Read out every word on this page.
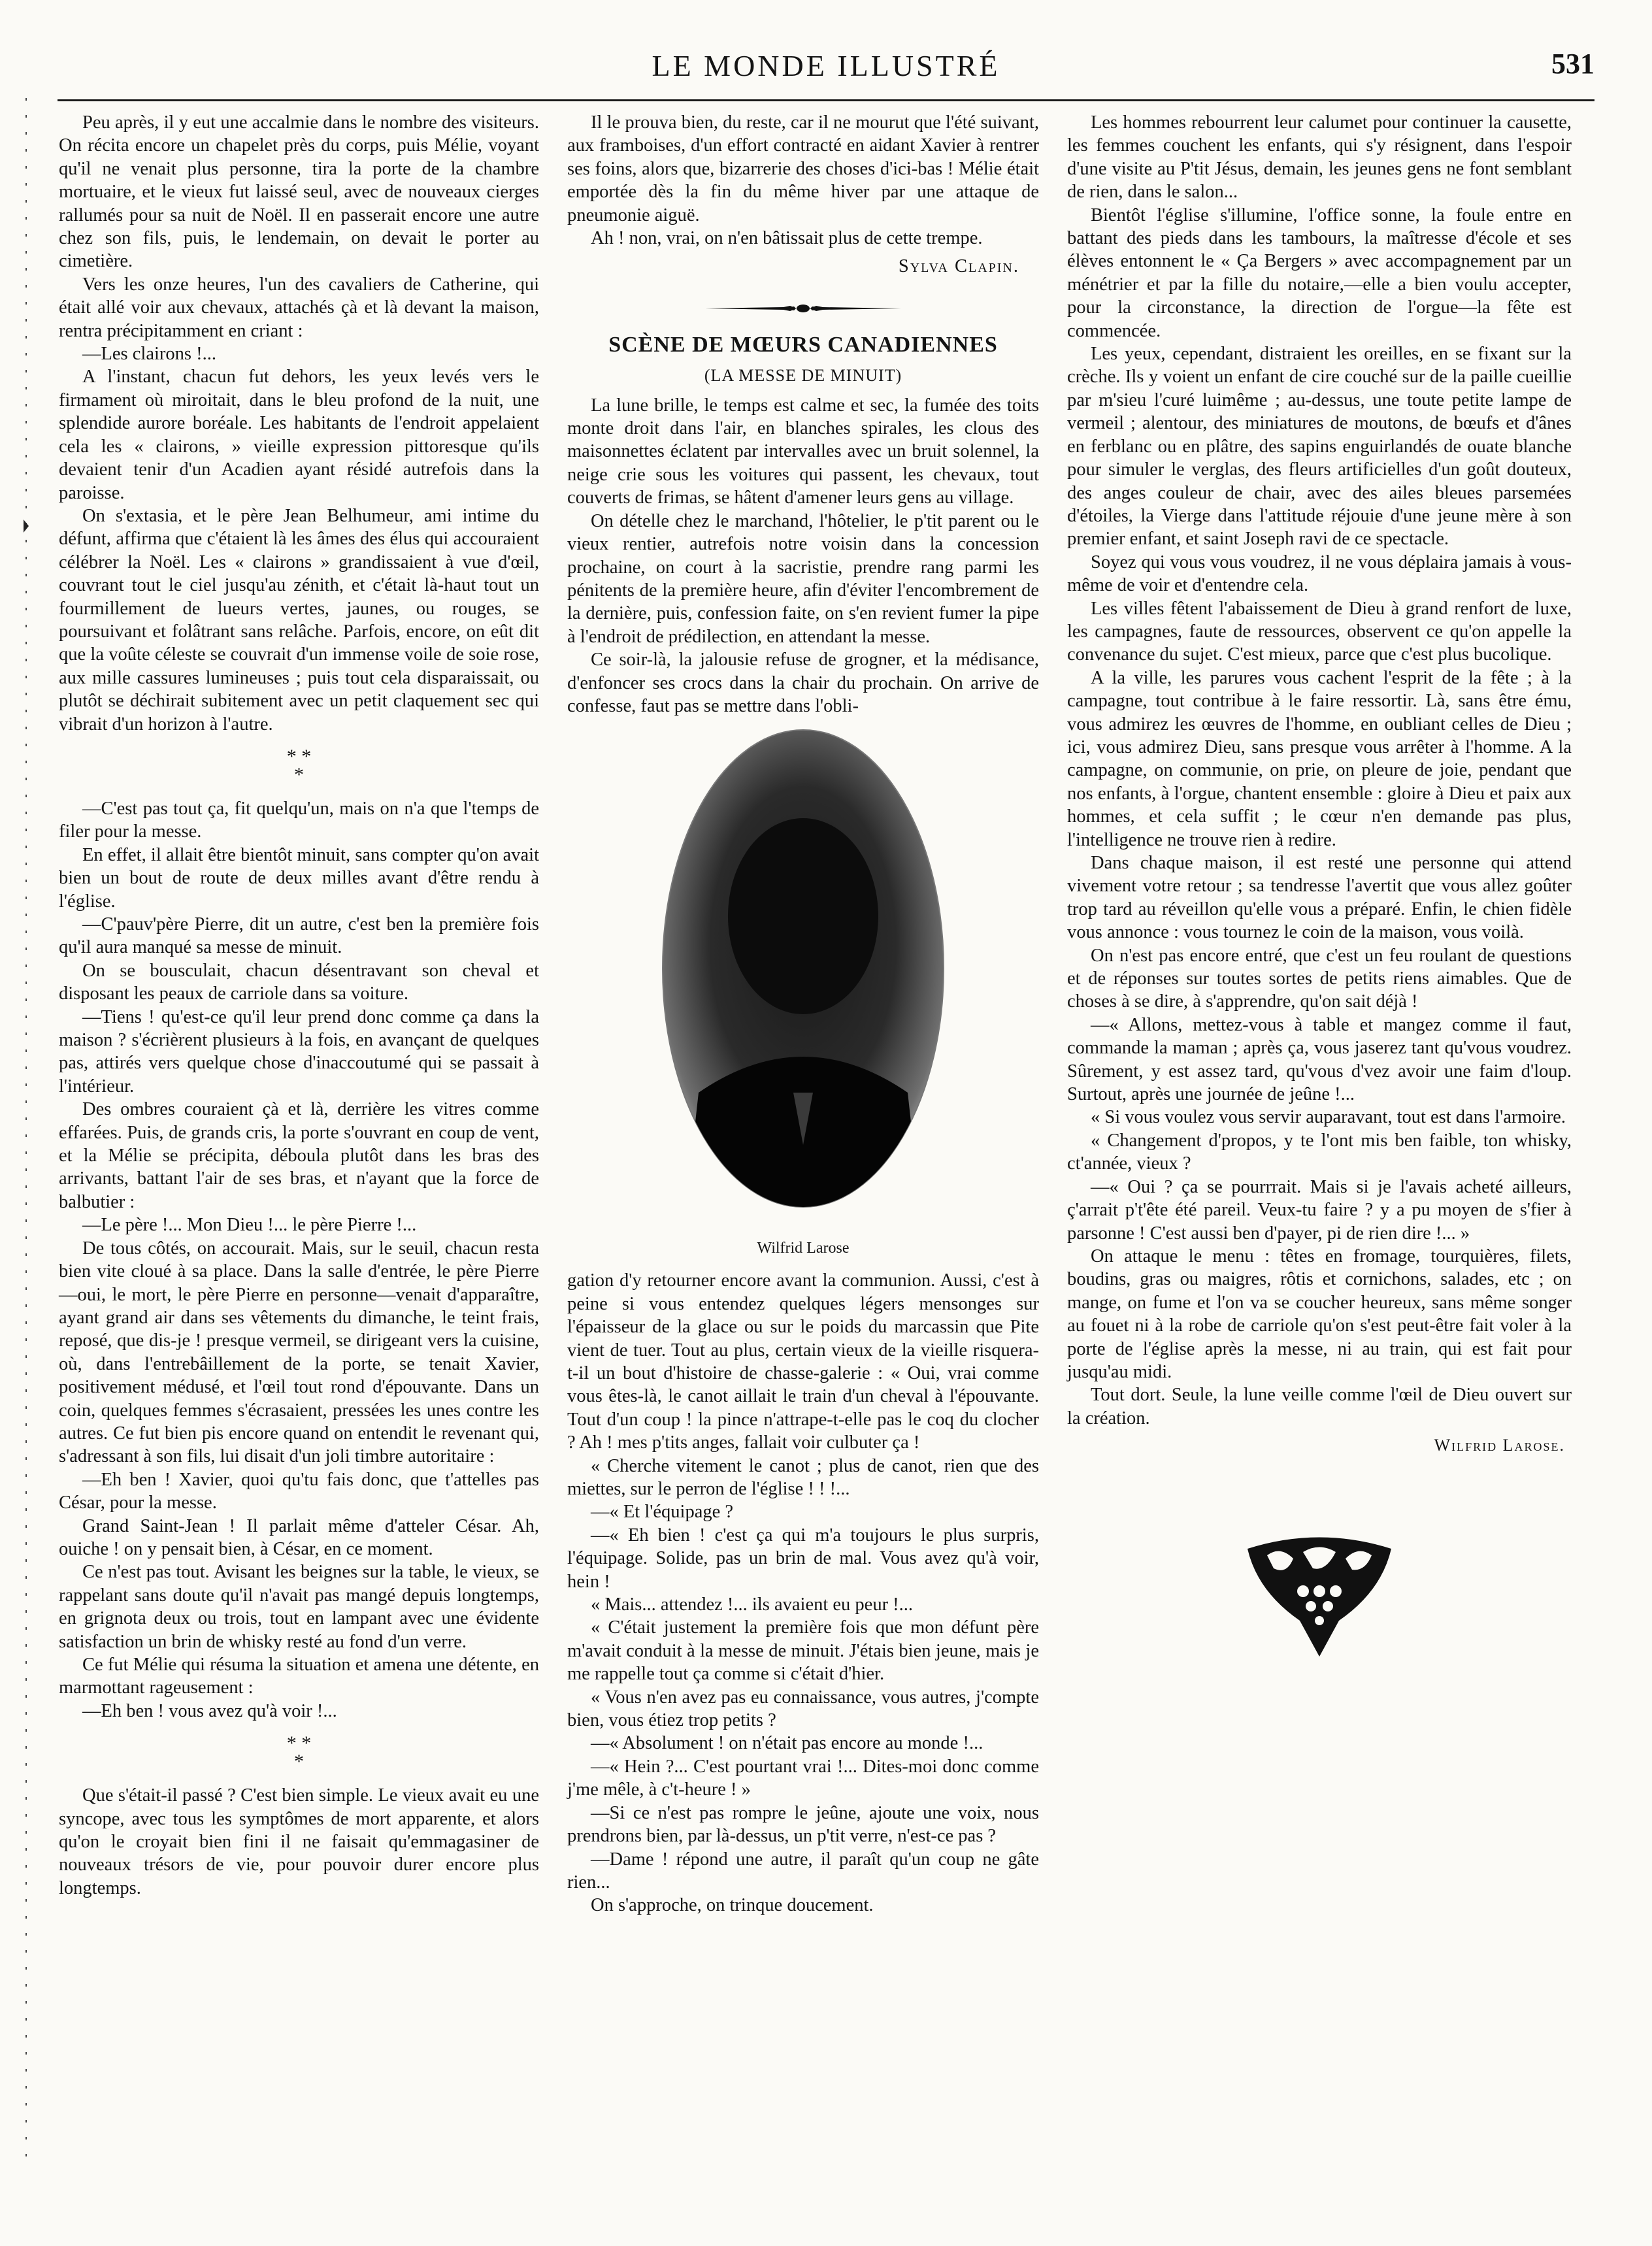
LE MONDE ILLUSTRÉ	531

Peu après, il y eut une accalmie dans le nombre des visiteurs. On récita encore un chapelet près du corps, puis Mélie, voyant qu'il ne venait plus personne, tira la porte de la chambre mortuaire, et le vieux fut laissé seul, avec de nouveaux cierges rallumés pour sa nuit de Noël. Il en passerait encore une autre chez son fils, puis, le lendemain, on devait le porter au cimetière.

Vers les onze heures, l'un des cavaliers de Catherine, qui était allé voir aux chevaux, attachés çà et là devant la maison, rentra précipitamment en criant :

—Les clairons !...

A l'instant, chacun fut dehors, les yeux levés vers le firmament où miroitait, dans le bleu profond de la nuit, une splendide aurore boréale. Les habitants de l'endroit appelaient cela les « clairons, » vieille expression pittoresque qu'ils devaient tenir d'un Acadien ayant résidé autrefois dans la paroisse.

On s'extasia, et le père Jean Belhumeur, ami intime du défunt, affirma que c'étaient là les âmes des élus qui accouraient célébrer la Noël. Les « clairons » grandissaient à vue d'œil, couvrant tout le ciel jusqu'au zénith, et c'était là-haut tout un fourmillement de lueurs vertes, jaunes, ou rouges, se poursuivant et folâtrant sans relâche. Parfois, encore, on eût dit que la voûte céleste se couvrait d'un immense voile de soie rose, aux mille cassures lumineuses ; puis tout cela disparaissait, ou plutôt se déchirait subitement avec un petit claquement sec qui vibrait d'un horizon à l'autre.

* *
*

—C'est pas tout ça, fit quelqu'un, mais on n'a que l'temps de filer pour la messe.

En effet, il allait être bientôt minuit, sans compter qu'on avait bien un bout de route de deux milles avant d'être rendu à l'église.

—C'pauv'père Pierre, dit un autre, c'est ben la première fois qu'il aura manqué sa messe de minuit.

On se bousculait, chacun désentravant son cheval et disposant les peaux de carriole dans sa voiture.

—Tiens ! qu'est-ce qu'il leur prend donc comme ça dans la maison ? s'écrièrent plusieurs à la fois, en avançant de quelques pas, attirés vers quelque chose d'inaccoutumé qui se passait à l'intérieur.

Des ombres couraient çà et là, derrière les vitres comme effarées. Puis, de grands cris, la porte s'ouvrant en coup de vent, et la Mélie se précipita, déboula plutôt dans les bras des arrivants, battant l'air de ses bras, et n'ayant que la force de balbutier :

—Le père !... Mon Dieu !... le père Pierre !...

De tous côtés, on accourait. Mais, sur le seuil, chacun resta bien vite cloué à sa place. Dans la salle d'entrée, le père Pierre—oui, le mort, le père Pierre en personne—venait d'apparaître, ayant grand air dans ses vêtements du dimanche, le teint frais, reposé, que dis-je ! presque vermeil, se dirigeant vers la cuisine, où, dans l'entrebâillement de la porte, se tenait Xavier, positivement médusé, et l'œil tout rond d'épouvante. Dans un coin, quelques femmes s'écrasaient, pressées les unes contre les autres. Ce fut bien pis encore quand on entendit le revenant qui, s'adressant à son fils, lui disait d'un joli timbre autoritaire :

—Eh ben ! Xavier, quoi qu'tu fais donc, que t'attelles pas César, pour la messe.

Grand Saint-Jean ! Il parlait même d'atteler César. Ah, ouiche ! on y pensait bien, à César, en ce moment.

Ce n'est pas tout. Avisant les beignes sur la table, le vieux, se rappelant sans doute qu'il n'avait pas mangé depuis longtemps, en grignota deux ou trois, tout en lampant avec une évidente satisfaction un brin de whisky resté au fond d'un verre.

Ce fut Mélie qui résuma la situation et amena une détente, en marmottant rageusement :

—Eh ben ! vous avez qu'à voir !...

* *
*

Que s'était-il passé ? C'est bien simple. Le vieux avait eu une syncope, avec tous les symptômes de mort apparente, et alors qu'on le croyait bien fini il ne faisait qu'emmagasiner de nouveaux trésors de vie, pour pouvoir durer encore plus longtemps.

Il le prouva bien, du reste, car il ne mourut que l'été suivant, aux framboises, d'un effort contracté en aidant Xavier à rentrer ses foins, alors que, bizarrerie des choses d'ici-bas ! Mélie était emportée dès la fin du même hiver par une attaque de pneumonie aiguë.

Ah ! non, vrai, on n'en bâtissait plus de cette trempe.

Sylva Clapin.
SCÈNE DE MŒURS CANADIENNES
(LA MESSE DE MINUIT)

La lune brille, le temps est calme et sec, la fumée des toits monte droit dans l'air, en blanches spirales, les clous des maisonnettes éclatent par intervalles avec un bruit solennel, la neige crie sous les voitures qui passent, les chevaux, tout couverts de frimas, se hâtent d'amener leurs gens au village.

On dételle chez le marchand, l'hôtelier, le p'tit parent ou le vieux rentier, autrefois notre voisin dans la concession prochaine, on court à la sacristie, prendre rang parmi les pénitents de la première heure, afin d'éviter l'encombrement de la dernière, puis, confession faite, on s'en revient fumer la pipe à l'endroit de prédilection, en attendant la messe.

Ce soir-là, la jalousie refuse de grogner, et la médisance, d'enfoncer ses crocs dans la chair du prochain. On arrive de confesse, faut pas se mettre dans l'obli-

Wilfrid Larose

gation d'y retourner encore avant la communion. Aussi, c'est à peine si vous entendez quelques légers mensonges sur l'épaisseur de la glace ou sur le poids du marcassin que Pite vient de tuer. Tout au plus, certain vieux de la vieille risquera-t-il un bout d'histoire de chasse-galerie : « Oui, vrai comme vous êtes-là, le canot aillait le train d'un cheval à l'épouvante. Tout d'un coup ! la pince n'attrape-t-elle pas le coq du clocher ? Ah ! mes p'tits anges, fallait voir culbuter ça !

« Cherche vitement le canot ; plus de canot, rien que des miettes, sur le perron de l'église ! ! !...

—« Et l'équipage ?

—« Eh bien ! c'est ça qui m'a toujours le plus surpris, l'équipage. Solide, pas un brin de mal. Vous avez qu'à voir, hein !

« Mais... attendez !... ils avaient eu peur !...

« C'était justement la première fois que mon défunt père m'avait conduit à la messe de minuit. J'étais bien jeune, mais je me rappelle tout ça comme si c'était d'hier.

« Vous n'en avez pas eu connaissance, vous autres, j'compte bien, vous étiez trop petits ?

—« Absolument ! on n'était pas encore au monde !...

—« Hein ?... C'est pourtant vrai !... Dites-moi donc comme j'me mêle, à c't-heure ! »

—Si ce n'est pas rompre le jeûne, ajoute une voix, nous prendrons bien, par là-dessus, un p'tit verre, n'est-ce pas ?

—Dame ! répond une autre, il paraît qu'un coup ne gâte rien...

On s'approche, on trinque doucement.

Les hommes rebourrent leur calumet pour continuer la causette, les femmes couchent les enfants, qui s'y résignent, dans l'espoir d'une visite au P'tit Jésus, demain, les jeunes gens ne font semblant de rien, dans le salon...

Bientôt l'église s'illumine, l'office sonne, la foule entre en battant des pieds dans les tambours, la maîtresse d'école et ses élèves entonnent le « Ça Bergers » avec accompagnement par un ménétrier et par la fille du notaire,—elle a bien voulu accepter, pour la circonstance, la direction de l'orgue—la fête est commencée.

Les yeux, cependant, distraient les oreilles, en se fixant sur la crèche. Ils y voient un enfant de cire couché sur de la paille cueillie par m'sieu l'curé luimême ; au-dessus, une toute petite lampe de vermeil ; alentour, des miniatures de moutons, de bœufs et d'ânes en ferblanc ou en plâtre, des sapins enguirlandés de ouate blanche pour simuler le verglas, des fleurs artificielles d'un goût douteux, des anges couleur de chair, avec des ailes bleues parsemées d'étoiles, la Vierge dans l'attitude réjouie d'une jeune mère à son premier enfant, et saint Joseph ravi de ce spectacle.

Soyez qui vous vous voudrez, il ne vous déplaira jamais à vous-même de voir et d'entendre cela.

Les villes fêtent l'abaissement de Dieu à grand renfort de luxe, les campagnes, faute de ressources, observent ce qu'on appelle la convenance du sujet. C'est mieux, parce que c'est plus bucolique.

A la ville, les parures vous cachent l'esprit de la fête ; à la campagne, tout contribue à le faire ressortir. Là, sans être ému, vous admirez les œuvres de l'homme, en oubliant celles de Dieu ; ici, vous admirez Dieu, sans presque vous arrêter à l'homme. A la campagne, on communie, on prie, on pleure de joie, pendant que nos enfants, à l'orgue, chantent ensemble : gloire à Dieu et paix aux hommes, et cela suffit ; le cœur n'en demande pas plus, l'intelligence ne trouve rien à redire.

Dans chaque maison, il est resté une personne qui attend vivement votre retour ; sa tendresse l'avertit que vous allez goûter trop tard au réveillon qu'elle vous a préparé. Enfin, le chien fidèle vous annonce : vous tournez le coin de la maison, vous voilà.

On n'est pas encore entré, que c'est un feu roulant de questions et de réponses sur toutes sortes de petits riens aimables. Que de choses à se dire, à s'apprendre, qu'on sait déjà !

—« Allons, mettez-vous à table et mangez comme il faut, commande la maman ; après ça, vous jaserez tant qu'vous voudrez. Sûrement, y est assez tard, qu'vous d'vez avoir une faim d'loup. Surtout, après une journée de jeûne !...

« Si vous voulez vous servir auparavant, tout est dans l'armoire.

« Changement d'propos, y te l'ont mis ben faible, ton whisky, ct'année, vieux ?

—« Oui ? ça se pourrrait. Mais si je l'avais acheté ailleurs, ç'arrait p't'ête été pareil. Veux-tu faire ? y a pu moyen de s'fier à parsonne ! C'est aussi ben d'payer, pi de rien dire !... »

On attaque le menu : têtes en fromage, tourquières, filets, boudins, gras ou maigres, rôtis et cornichons, salades, etc ; on mange, on fume et l'on va se coucher heureux, sans même songer au fouet ni à la robe de carriole qu'on s'est peut-être fait voler à la porte de l'église après la messe, ni au train, qui est fait pour jusqu'au midi.

Tout dort. Seule, la lune veille comme l'œil de Dieu ouvert sur la création.

Wilfrid Larose.
